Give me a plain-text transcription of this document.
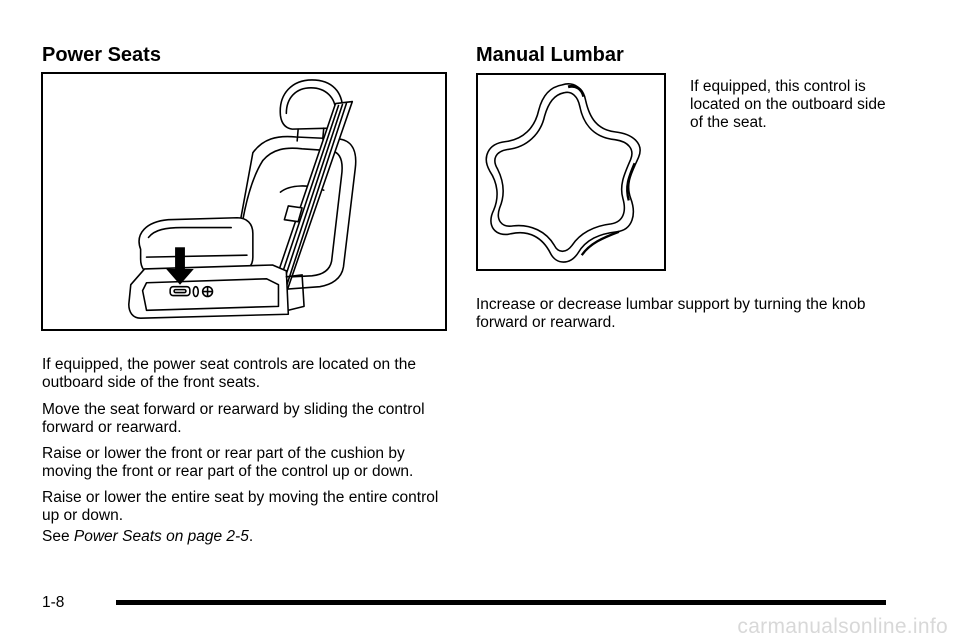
Power Seats

If equipped, the power seat controls are located on the outboard side of the front seats.

Move the seat forward or rearward by sliding the control forward or rearward.

Raise or lower the front or rear part of the cushion by moving the front or rear part of the control up or down.

Raise or lower the entire seat by moving the entire control up or down.

See Power Seats on page 2-5.

Manual Lumbar

If equipped, this control is located on the outboard side of the seat.

Increase or decrease lumbar support by turning the knob forward or rearward.

1-8
carmanualsonline.info
